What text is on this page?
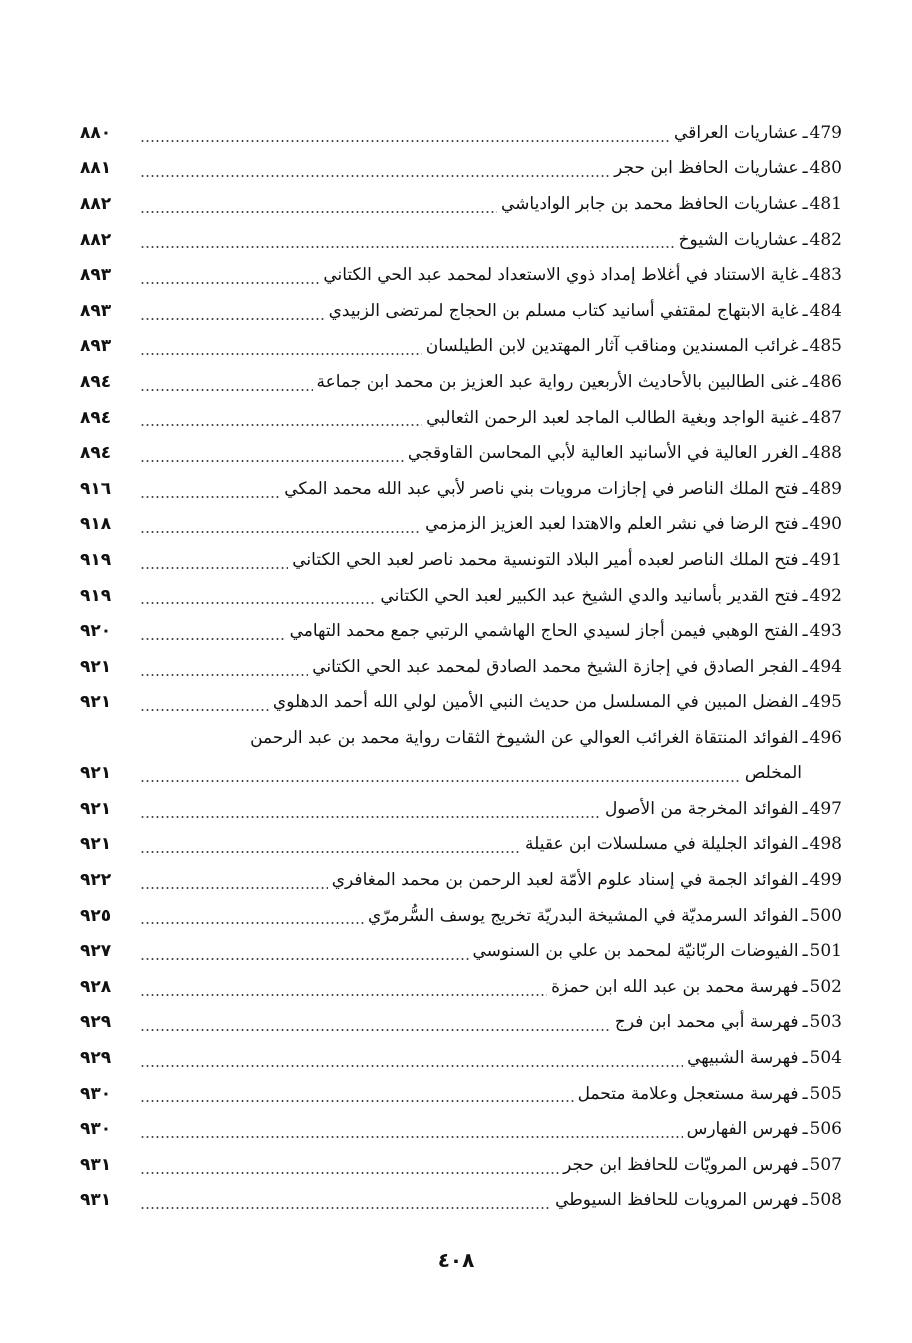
479
ـ
عشاريات العراقي
٨٨٠
480
ـ
عشاريات الحافظ ابن حجر
٨٨١
481
ـ
عشاريات الحافظ محمد بن جابر الوادياشي
٨٨٢
482
ـ
عشاريات الشيوخ
٨٨٢
483
ـ
غاية الاستناد في أغلاط إمداد ذوي الاستعداد لمحمد عبد الحي الكتاني
٨٩٣
484
ـ
غاية الابتهاج لمقتفي أسانيد كتاب مسلم بن الحجاج لمرتضى الزبيدي
٨٩٣
485
ـ
غرائب المسندين ومناقب آثار المهتدين لابن الطيلسان
٨٩٣
486
ـ
غنى الطالبين بالأحاديث الأربعين رواية عبد العزيز بن محمد ابن جماعة
٨٩٤
487
ـ
غنية الواجد وبغية الطالب الماجد لعبد الرحمن الثعالبي
٨٩٤
488
ـ
الغرر العالية في الأسانيد العالية لأبي المحاسن القاوقجي
٨٩٤
489
ـ
فتح الملك الناصر في إجازات مرويات بني ناصر لأبي عبد الله محمد المكي
٩١٦
490
ـ
فتح الرضا في نشر العلم والاهتدا لعبد العزيز الزمزمي
٩١٨
491
ـ
فتح الملك الناصر لعبده أمير البلاد التونسية محمد ناصر لعبد الحي الكتاني
٩١٩
492
ـ
فتح القدير بأسانيد والدي الشيخ عبد الكبير لعبد الحي الكتاني
٩١٩
493
ـ
الفتح الوهبي فيمن أجاز لسيدي الحاج الهاشمي الرتبي جمع محمد التهامي
٩٢٠
494
ـ
الفجر الصادق في إجازة الشيخ محمد الصادق لمحمد عبد الحي الكتاني
٩٢١
495
ـ
الفضل المبين في المسلسل من حديث النبي الأمين لولي الله أحمد الدهلوي
٩٢١
496
ـ
الفوائد المنتقاة الغرائب العوالي عن الشيوخ الثقات رواية محمد بن عبد الرحمن
المخلص
٩٢١
497
ـ
الفوائد المخرجة من الأصول
٩٢١
498
ـ
الفوائد الجليلة في مسلسلات ابن عقيلة
٩٢١
499
ـ
الفوائد الجمة في إسناد علوم الأمّة لعبد الرحمن بن محمد المغافري
٩٢٢
500
ـ
الفوائد السرمديّة في المشيخة البدريّة تخريج يوسف السُّرمرّي
٩٢٥
501
ـ
الفيوضات الربّانيّة لمحمد بن علي بن السنوسي
٩٢٧
502
ـ
فهرسة محمد بن عبد الله ابن حمزة
٩٢٨
503
ـ
فهرسة أبي محمد ابن فرج
٩٢٩
504
ـ
فهرسة الشبيهي
٩٢٩
505
ـ
فهرسة مستعجل وعلامة متحمل
٩٣٠
506
ـ
فهرس الفهارس
٩٣٠
507
ـ
فهرس المرويّات للحافظ ابن حجر
٩٣١
508
ـ
فهرس المرويات للحافظ السيوطي
٩٣١
٤٠٨
